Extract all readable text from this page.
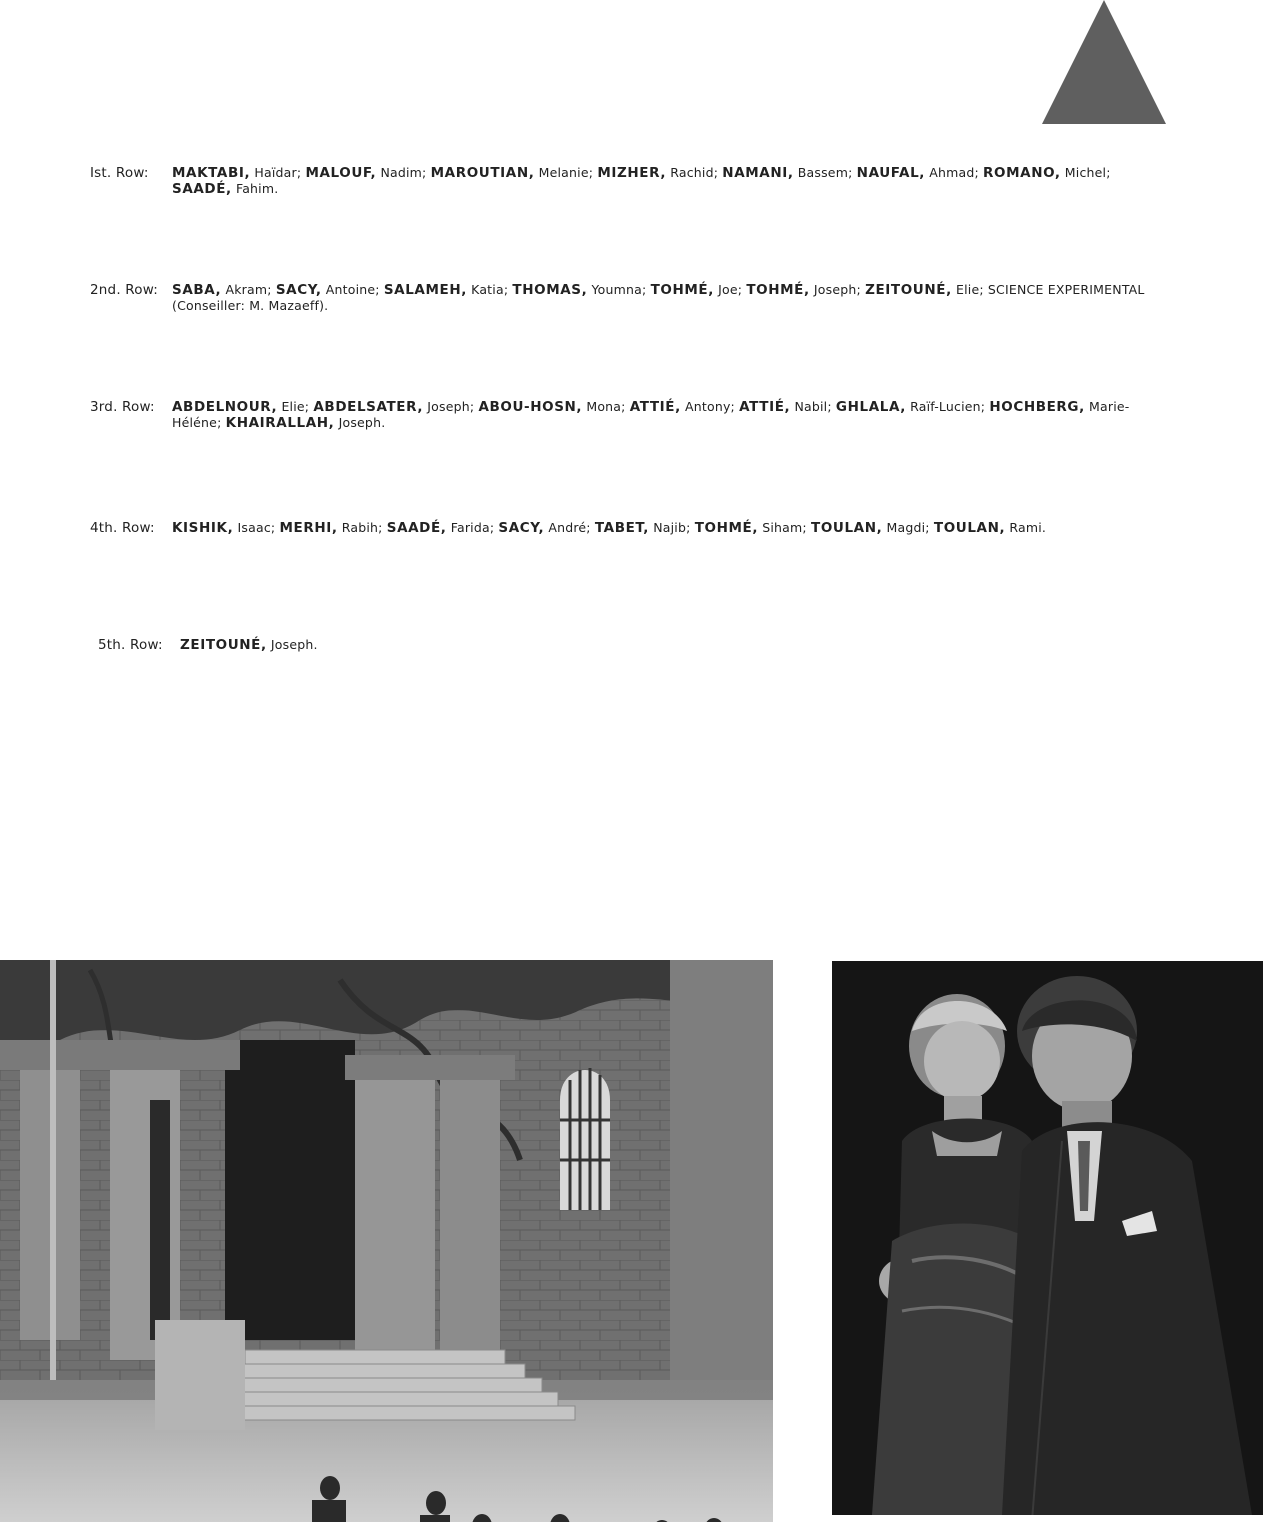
Ist. Row:	MAKTABI, Haïdar; MALOUF, Nadim; MAROUTIAN, Melanie; MIZHER, Rachid; NAMANI, Bassem; NAUFAL, Ahmad; ROMANO, Michel; SAADÉ, Fahim.
2nd. Row:	SABA, Akram; SACY, Antoine; SALAMEH, Katia; THOMAS, Youmna; TOHMÉ, Joe; TOHMÉ, Joseph; ZEITOUNÉ, Elie; SCIENCE EXPERIMENTAL (Conseiller: M. Mazaeff).
3rd. Row:	ABDELNOUR, Elie; ABDELSATER, Joseph; ABOU-HOSN, Mona; ATTIÉ, Antony; ATTIÉ, Nabil; GHLALA, Raïf-Lucien; HOCHBERG, Marie-Héléne; KHAIRALLAH, Joseph.
4th. Row:	KISHIK, Isaac; MERHI, Rabih; SAADÉ, Farida; SACY, André; TABET, Najib; TOHMÉ, Siham; TOULAN, Magdi; TOULAN, Rami.
5th. Row:	ZEITOUNÉ, Joseph.
